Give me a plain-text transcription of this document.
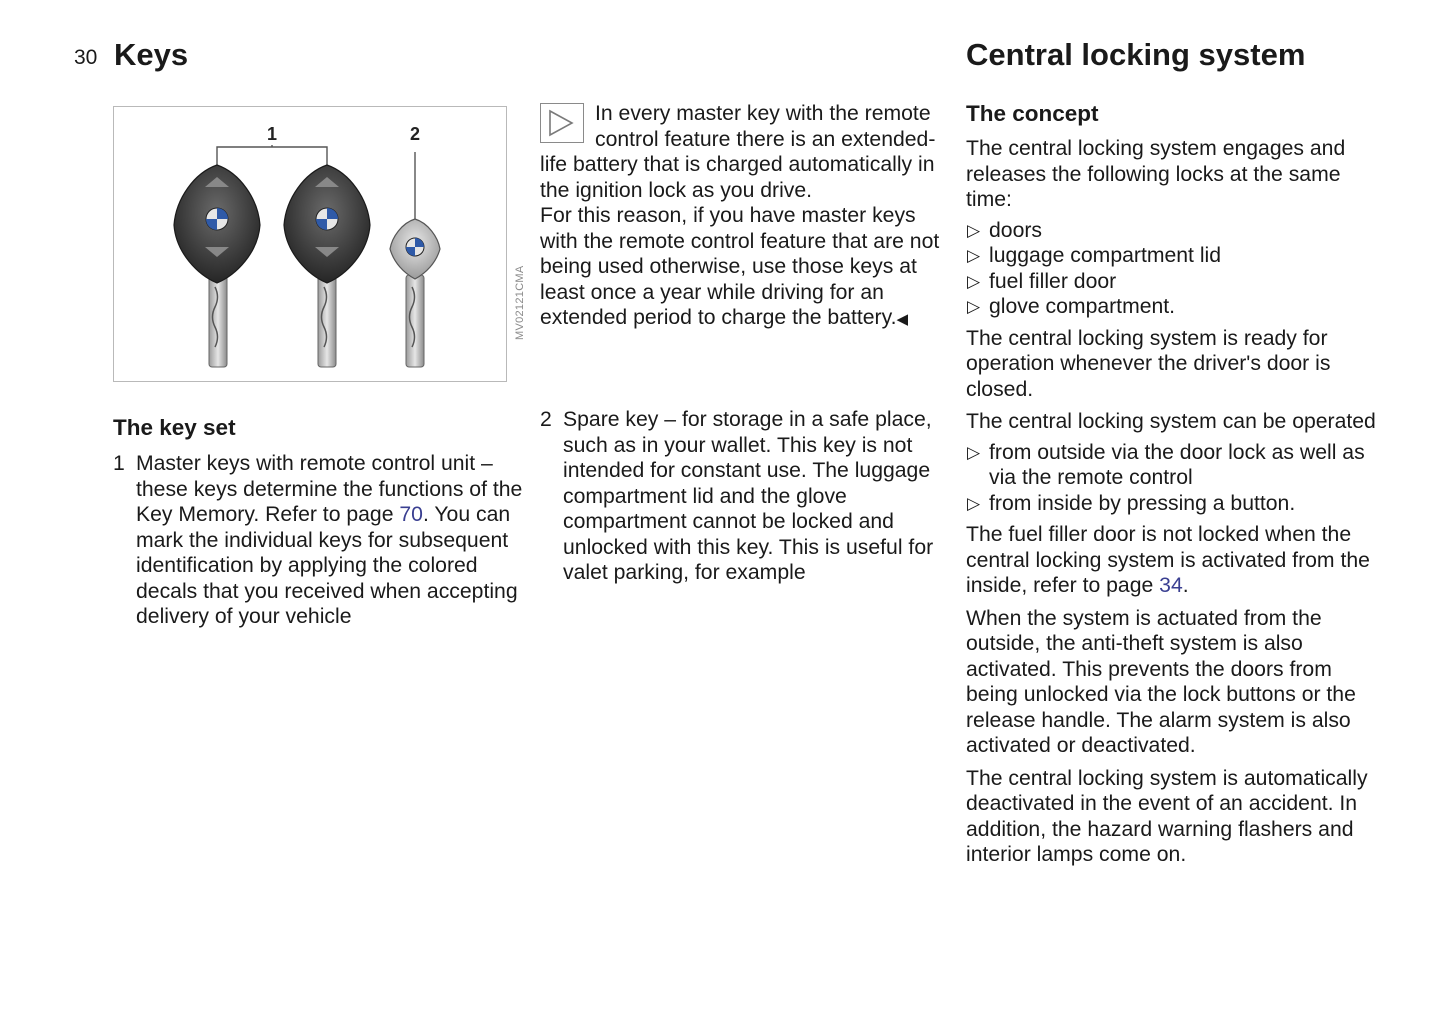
30 Keys	Central locking system
1	2
MV02121CMA
The key set
1 Master keys with remote control unit – these keys determine the functions of the Key Memory. Refer to page 70. You can mark the individual keys for subsequent identification by applying the colored decals that you received when accepting delivery of your vehicle

In every master key with the remote control feature there is an extended-life battery that is charged automatically in the ignition lock as you drive.

For this reason, if you have master keys with the remote control feature that are not being used otherwise, use those keys at least once a year while driving for an extended period to charge the battery.◀

2 Spare key – for storage in a safe place, such as in your wallet. This key is not intended for constant use. The luggage compartment lid and the glove compartment cannot be locked and unlocked with this key. This is useful for valet parking, for example
The concept

The central locking system engages and releases the following locks at the same time:

▷ doors
▷ luggage compartment lid
▷ fuel filler door
▷ glove compartment.

The central locking system is ready for operation whenever the driver's door is closed.

The central locking system can be operated

▷ from outside via the door lock as well as via the remote control
▷ from inside by pressing a button.

The fuel filler door is not locked when the central locking system is activated from the inside, refer to page 34.

When the system is actuated from the outside, the anti-theft system is also activated. This prevents the doors from being unlocked via the lock buttons or the release handle. The alarm system is also activated or deactivated.

The central locking system is automatically deactivated in the event of an accident. In addition, the hazard warning flashers and interior lamps come on.
